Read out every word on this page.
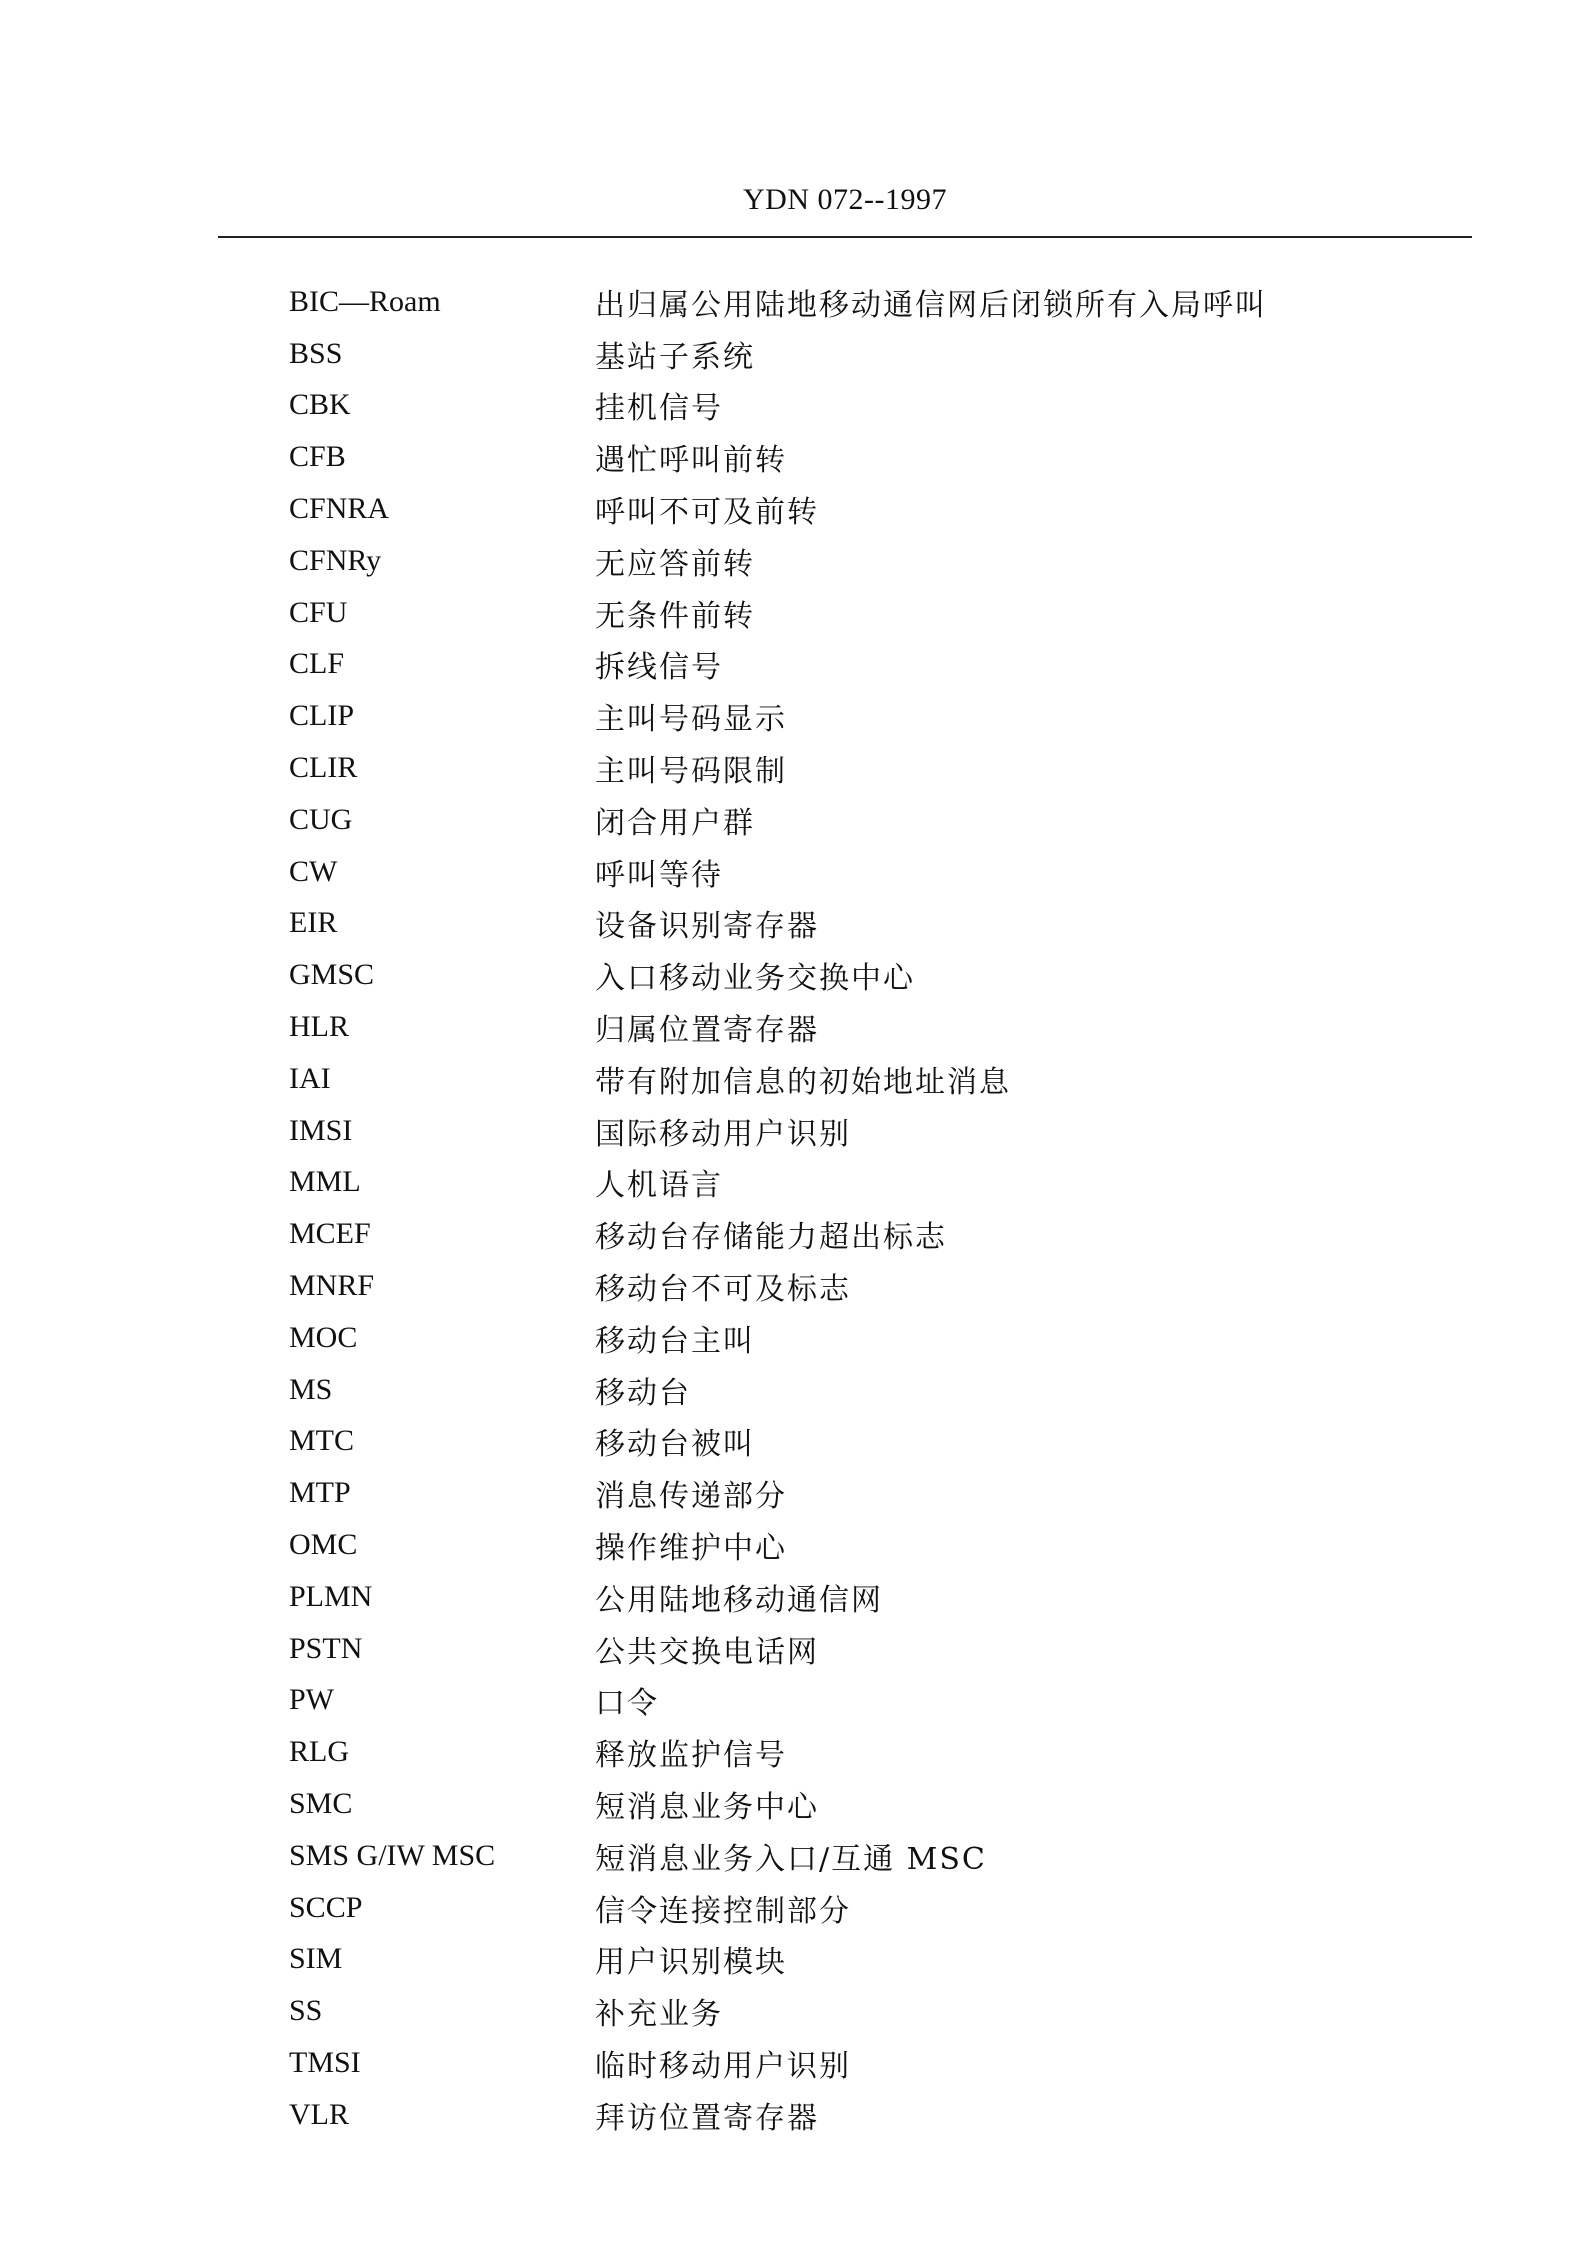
YDN 072--1997
BIC—Roam	出归属公用陆地移动通信网后闭锁所有入局呼叫
BSS	基站子系统
CBK	挂机信号
CFB	遇忙呼叫前转
CFNRA	呼叫不可及前转
CFNRy	无应答前转
CFU	无条件前转
CLF	拆线信号
CLIP	主叫号码显示
CLIR	主叫号码限制
CUG	闭合用户群
CW	呼叫等待
EIR	设备识别寄存器
GMSC	入口移动业务交换中心
HLR	归属位置寄存器
IAI	带有附加信息的初始地址消息
IMSI	国际移动用户识别
MML	人机语言
MCEF	移动台存储能力超出标志
MNRF	移动台不可及标志
MOC	移动台主叫
MS	移动台
MTC	移动台被叫
MTP	消息传递部分
OMC	操作维护中心
PLMN	公用陆地移动通信网
PSTN	公共交换电话网
PW	口令
RLG	释放监护信号
SMC	短消息业务中心
SMS G/IW MSC	短消息业务入口/互通 MSC
SCCP	信令连接控制部分
SIM	用户识别模块
SS	补充业务
TMSI	临时移动用户识别
VLR	拜访位置寄存器
